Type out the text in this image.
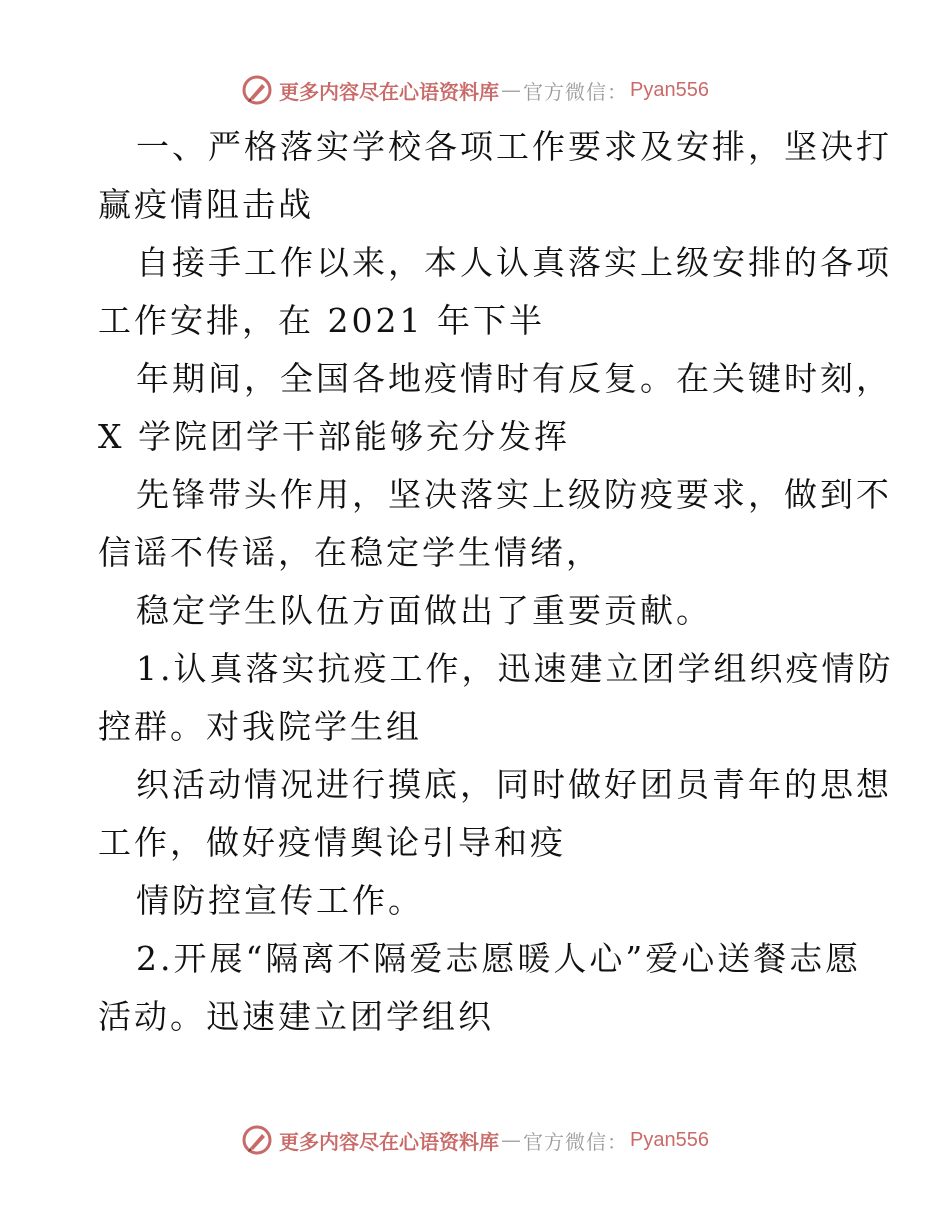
更多内容尽在心语资料库 — 官方微信： Pyan556
一、严格落实学校各项工作要求及安排，坚决打
赢疫情阻击战
自接手工作以来，本人认真落实上级安排的各项
工作安排，在 2021 年下半
年期间，全国各地疫情时有反复。在关键时刻，
X 学院团学干部能够充分发挥
先锋带头作用，坚决落实上级防疫要求，做到不
信谣不传谣，在稳定学生情绪，
稳定学生队伍方面做出了重要贡献。
1.认真落实抗疫工作，迅速建立团学组织疫情防
控群。对我院学生组
织活动情况进行摸底，同时做好团员青年的思想
工作，做好疫情舆论引导和疫
情防控宣传工作。
2.开展“隔离不隔爱志愿暖人心”爱心送餐志愿
活动。迅速建立团学组织
更多内容尽在心语资料库 — 官方微信： Pyan556
